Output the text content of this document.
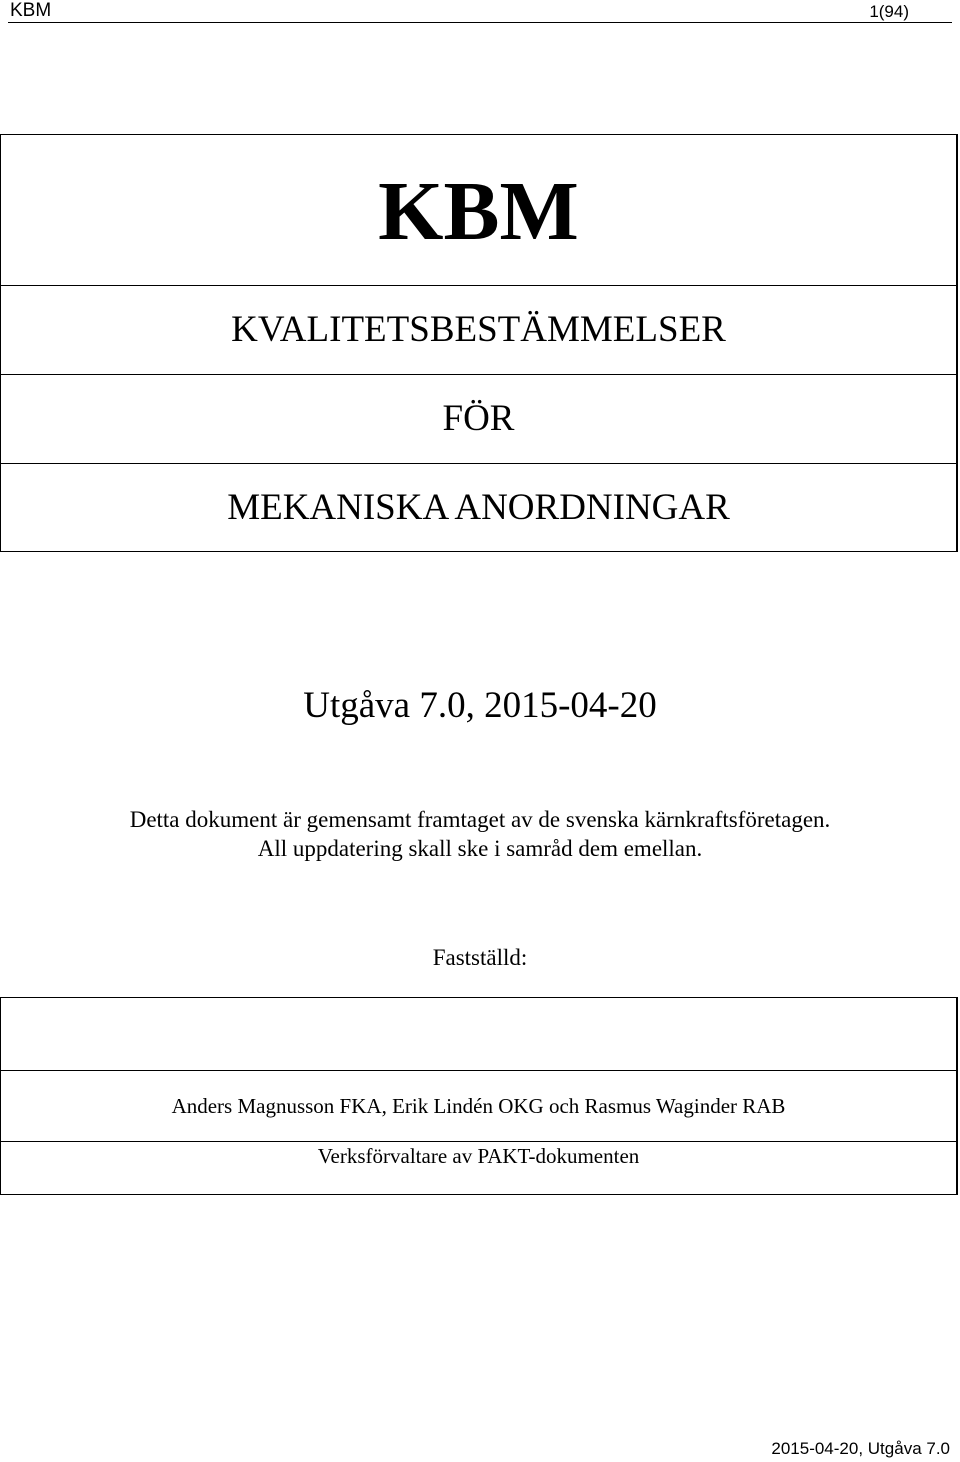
KBM	1(94)
KBM
KVALITETSBESTÄMMELSER
FÖR
MEKANISKA ANORDNINGAR
Utgåva 7.0, 2015-04-20
Detta dokument är gemensamt framtaget av de svenska kärnkraftsföretagen.
All uppdatering skall ske i samråd dem emellan.
Fastställd:
Anders Magnusson FKA, Erik Lindén OKG och Rasmus Waginder RAB
Verksförvaltare av PAKT-dokumenten
2015-04-20, Utgåva 7.0
